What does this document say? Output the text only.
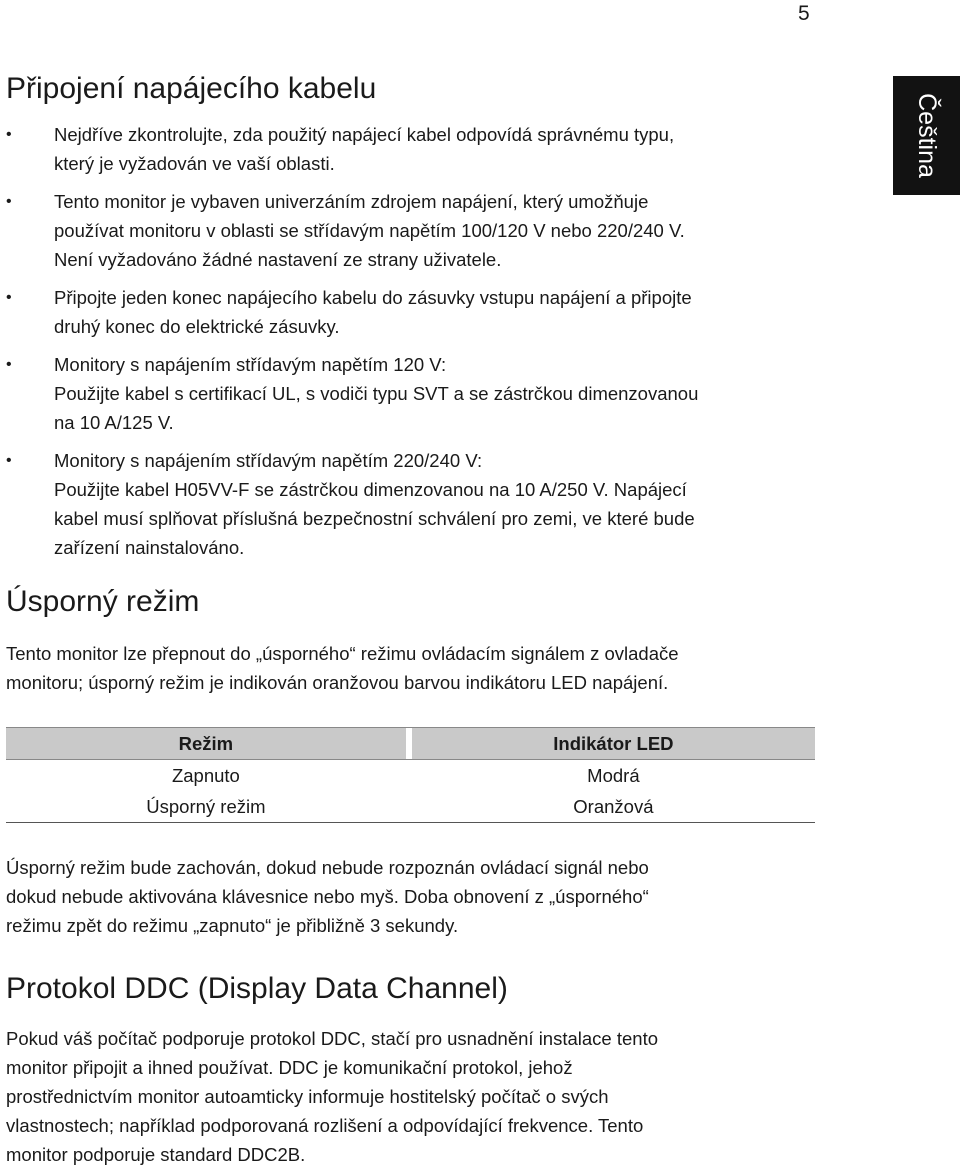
5
Čeština
Připojení napájecího kabelu
• Nejdříve zkontrolujte, zda použitý napájecí kabel odpovídá správnému typu,
který je vyžadován ve vaší oblasti.
• Tento monitor je vybaven univerzáním zdrojem napájení, který umožňuje
používat monitoru v oblasti se střídavým napětím 100/120 V nebo 220/240 V.
Není vyžadováno žádné nastavení ze strany uživatele.
• Připojte jeden konec napájecího kabelu do zásuvky vstupu napájení a připojte
druhý konec do elektrické zásuvky.
• Monitory s napájením střídavým napětím 120 V:
Použijte kabel s certifikací UL, s vodiči typu SVT a se zástrčkou dimenzovanou
na 10 A/125 V.
• Monitory s napájením střídavým napětím 220/240 V:
Použijte kabel H05VV-F se zástrčkou dimenzovanou na 10 A/250 V. Napájecí
kabel musí splňovat příslušná bezpečnostní schválení pro zemi, ve které bude
zařízení nainstalováno.
Úsporný režim

Tento monitor lze přepnout do „úsporného“ režimu ovládacím signálem z ovladače
monitoru; úsporný režim je indikován oranžovou barvou indikátoru LED napájení.

Režim		Indikátor LED
Zapnuto		Modrá
Úsporný režim		Oranžová

Úsporný režim bude zachován, dokud nebude rozpoznán ovládací signál nebo
dokud nebude aktivována klávesnice nebo myš. Doba obnovení z „úsporného“
režimu zpět do režimu „zapnuto“ je přibližně 3 sekundy.

Protokol DDC (Display Data Channel)

Pokud váš počítač podporuje protokol DDC, stačí pro usnadnění instalace tento
monitor připojit a ihned používat. DDC je komunikační protokol, jehož
prostřednictvím monitor autoamticky informuje hostitelský počítač o svých
vlastnostech; například podporovaná rozlišení a odpovídající frekvence. Tento
monitor podporuje standard DDC2B.
